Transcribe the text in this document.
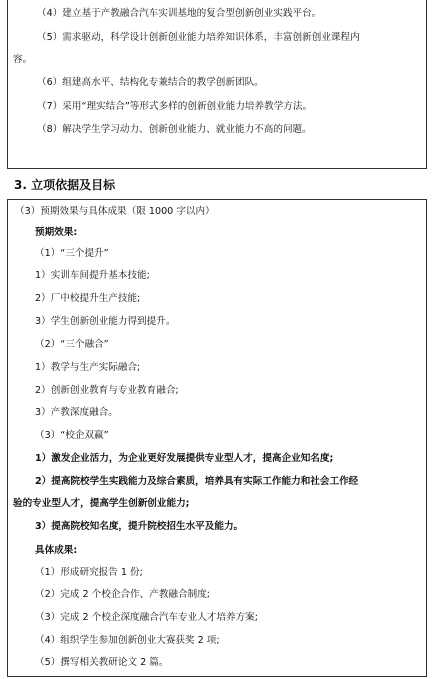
（4）建立基于产教融合汽车实训基地的复合型创新创业实践平台。
（5）需求驱动，科学设计创新创业能力培养知识体系，丰富创新创业课程内
容。
（6）组建高水平、结构化专兼结合的教学创新团队。
（7）采用“理实结合”等形式多样的创新创业能力培养教学方法。
（8）解决学生学习动力、创新创业能力、就业能力不高的问题。
3. 立项依据及目标
（3）预期效果与具体成果（限 1000 字以内）
预期效果:
（1）“三个提升”
1）实训车间提升基本技能;
2）厂中校提升生产技能;
3）学生创新创业能力得到提升。
（2）“三个融合”
1）教学与生产实际融合;
2）创新创业教育与专业教育融合;
3）产教深度融合。
（3）“校企双赢”
1）激发企业活力，为企业更好发展提供专业型人才，提高企业知名度;
2）提高院校学生实践能力及综合素质，培养具有实际工作能力和社会工作经
验的专业型人才，提高学生创新创业能力;
3）提高院校知名度，提升院校招生水平及能力。
具体成果:
（1）形成研究报告 1 份;
（2）完成 2 个校企合作、产教融合制度;
（3）完成 2 个校企深度融合汽车专业人才培养方案;
（4）组织学生参加创新创业大赛获奖 2 项;
（5）撰写相关教研论文 2 篇。
